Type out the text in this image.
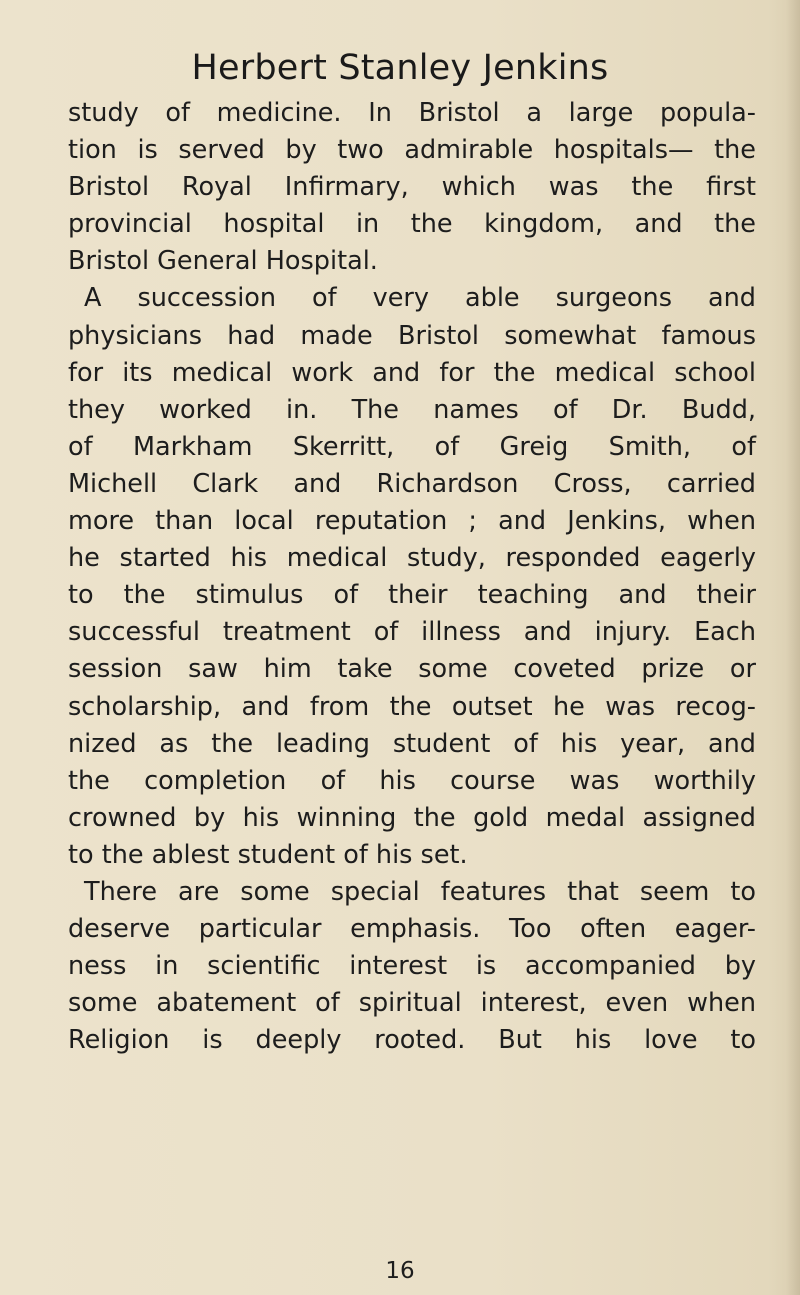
Herbert Stanley Jenkins
study of medicine. In Bristol a large popula-
tion is served by two admirable hospitals— the
Bristol Royal Infirmary, which was the first
provincial hospital in the kingdom, and the
Bristol General Hospital.
A succession of very able surgeons and
physicians had made Bristol somewhat famous
for its medical work and for the medical school
they worked in. The names of Dr. Budd,
of Markham Skerritt, of Greig Smith, of
Michell Clark and Richardson Cross, carried
more than local reputation ; and Jenkins, when
he started his medical study, responded eagerly
to the stimulus of their teaching and their
successful treatment of illness and injury. Each
session saw him take some coveted prize or
scholarship, and from the outset he was recog-
nized as the leading student of his year, and
the completion of his course was worthily
crowned by his winning the gold medal assigned
to the ablest student of his set.
There are some special features that seem to
deserve particular emphasis. Too often eager-
ness in scientific interest is accompanied by
some abatement of spiritual interest, even when
Religion is deeply rooted. But his love to
16
